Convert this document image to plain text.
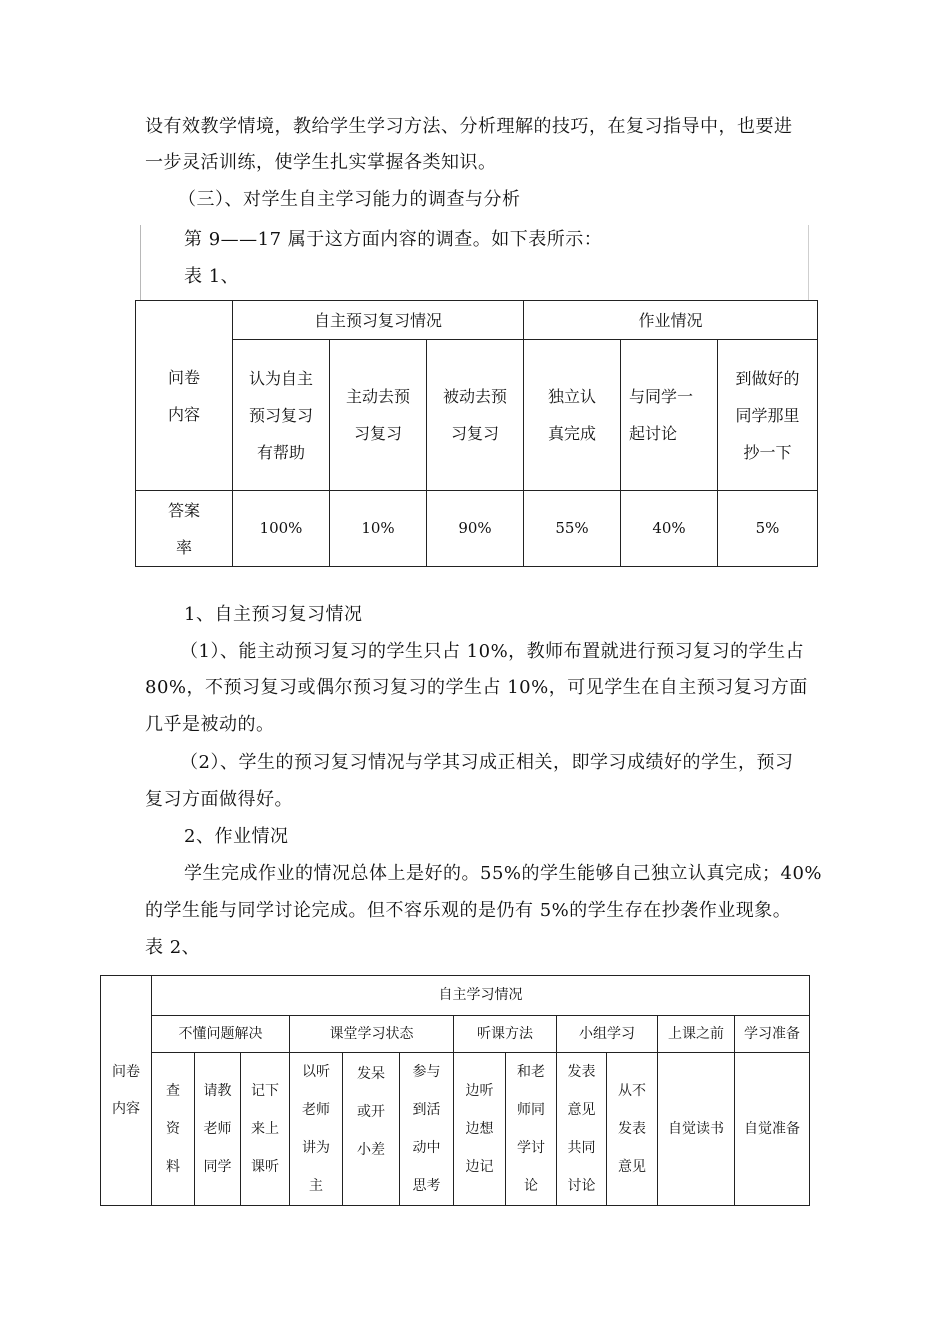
设有效教学情境，教给学生学习方法、分析理解的技巧，在复习指导中，也要进
一步灵活训练，使学生扎实掌握各类知识。
（三）、对学生自主学习能力的调查与分析
第 9——17 属于这方面内容的调查。如下表所示：
表 1、
问卷
内容	自主预习复习情况			作业情况		

	认为自主
预习复习
有帮助	主动去预
习复习	被动去预
习复习	独立认
真完成	与同学一
起讨论	到做好的
同学那里
抄一下

答案
率	100%	10%	90%	55%	40%	5%
1、自主预习复习情况
（1）、能主动预习复习的学生只占 10%，教师布置就进行预习复习的学生占
80%，不预习复习或偶尔预习复习的学生占 10%，可见学生在自主预习复习方面
几乎是被动的。
（2）、学生的预习复习情况与学其习成正相关，即学习成绩好的学生，预习
复习方面做得好。
2、作业情况
学生完成作业的情况总体上是好的。55%的学生能够自己独立认真完成；40%
的学生能与同学讨论完成。但不容乐观的是仍有 5%的学生存在抄袭作业现象。
表 2、
问卷
内容	自主学习情况											
	不懂问题解决			课堂学习状态			听课方法		小组学习		上课之前	学习准备

	查
资
料	请教
老师
同学	记下
来上
课听	以听
老师
讲为
主	发呆
或开
小差	参与
到活
动中
思考	边听
边想
边记	和老
师同
学讨
论	发表
意见
共同
讨论	从不
发表
意见	自觉读书	自觉准备
